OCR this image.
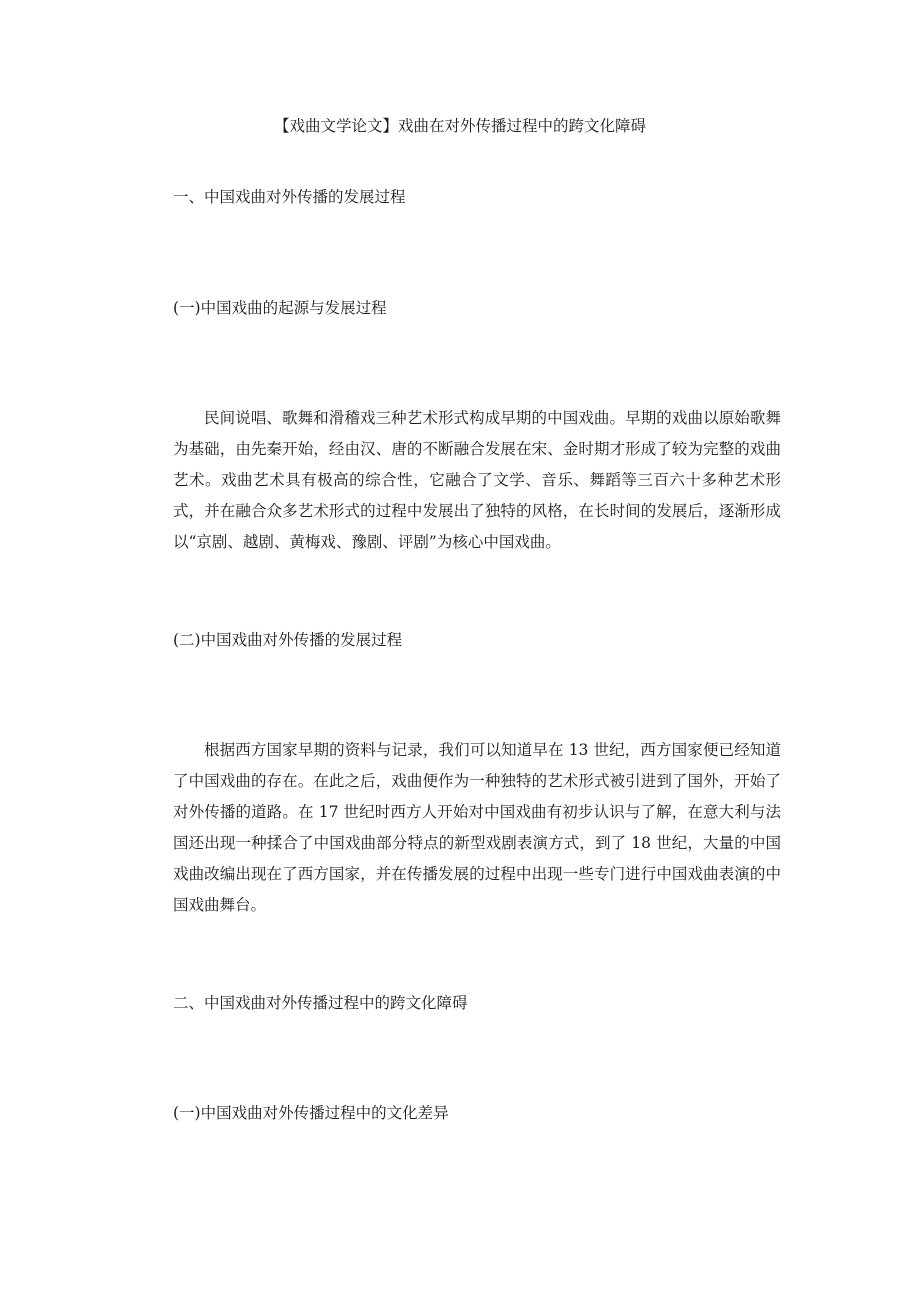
【戏曲文学论文】戏曲在对外传播过程中的跨文化障碍

一、中国戏曲对外传播的发展过程

(一)中国戏曲的起源与发展过程

民间说唱、歌舞和滑稽戏三种艺术形式构成早期的中国戏曲。早期的戏曲以原始歌舞为基础，由先秦开始，经由汉、唐的不断融合发展在宋、金时期才形成了较为完整的戏曲艺术。戏曲艺术具有极高的综合性，它融合了文学、音乐、舞蹈等三百六十多种艺术形式，并在融合众多艺术形式的过程中发展出了独特的风格，在长时间的发展后，逐渐形成以“京剧、越剧、黄梅戏、豫剧、评剧”为核心中国戏曲。

(二)中国戏曲对外传播的发展过程

根据西方国家早期的资料与记录，我们可以知道早在 13 世纪，西方国家便已经知道了中国戏曲的存在。在此之后，戏曲便作为一种独特的艺术形式被引进到了国外，开始了对外传播的道路。在 17 世纪时西方人开始对中国戏曲有初步认识与了解，在意大利与法国还出现一种揉合了中国戏曲部分特点的新型戏剧表演方式，到了 18 世纪，大量的中国戏曲改编出现在了西方国家，并在传播发展的过程中出现一些专门进行中国戏曲表演的中国戏曲舞台。

二、中国戏曲对外传播过程中的跨文化障碍

(一)中国戏曲对外传播过程中的文化差异
